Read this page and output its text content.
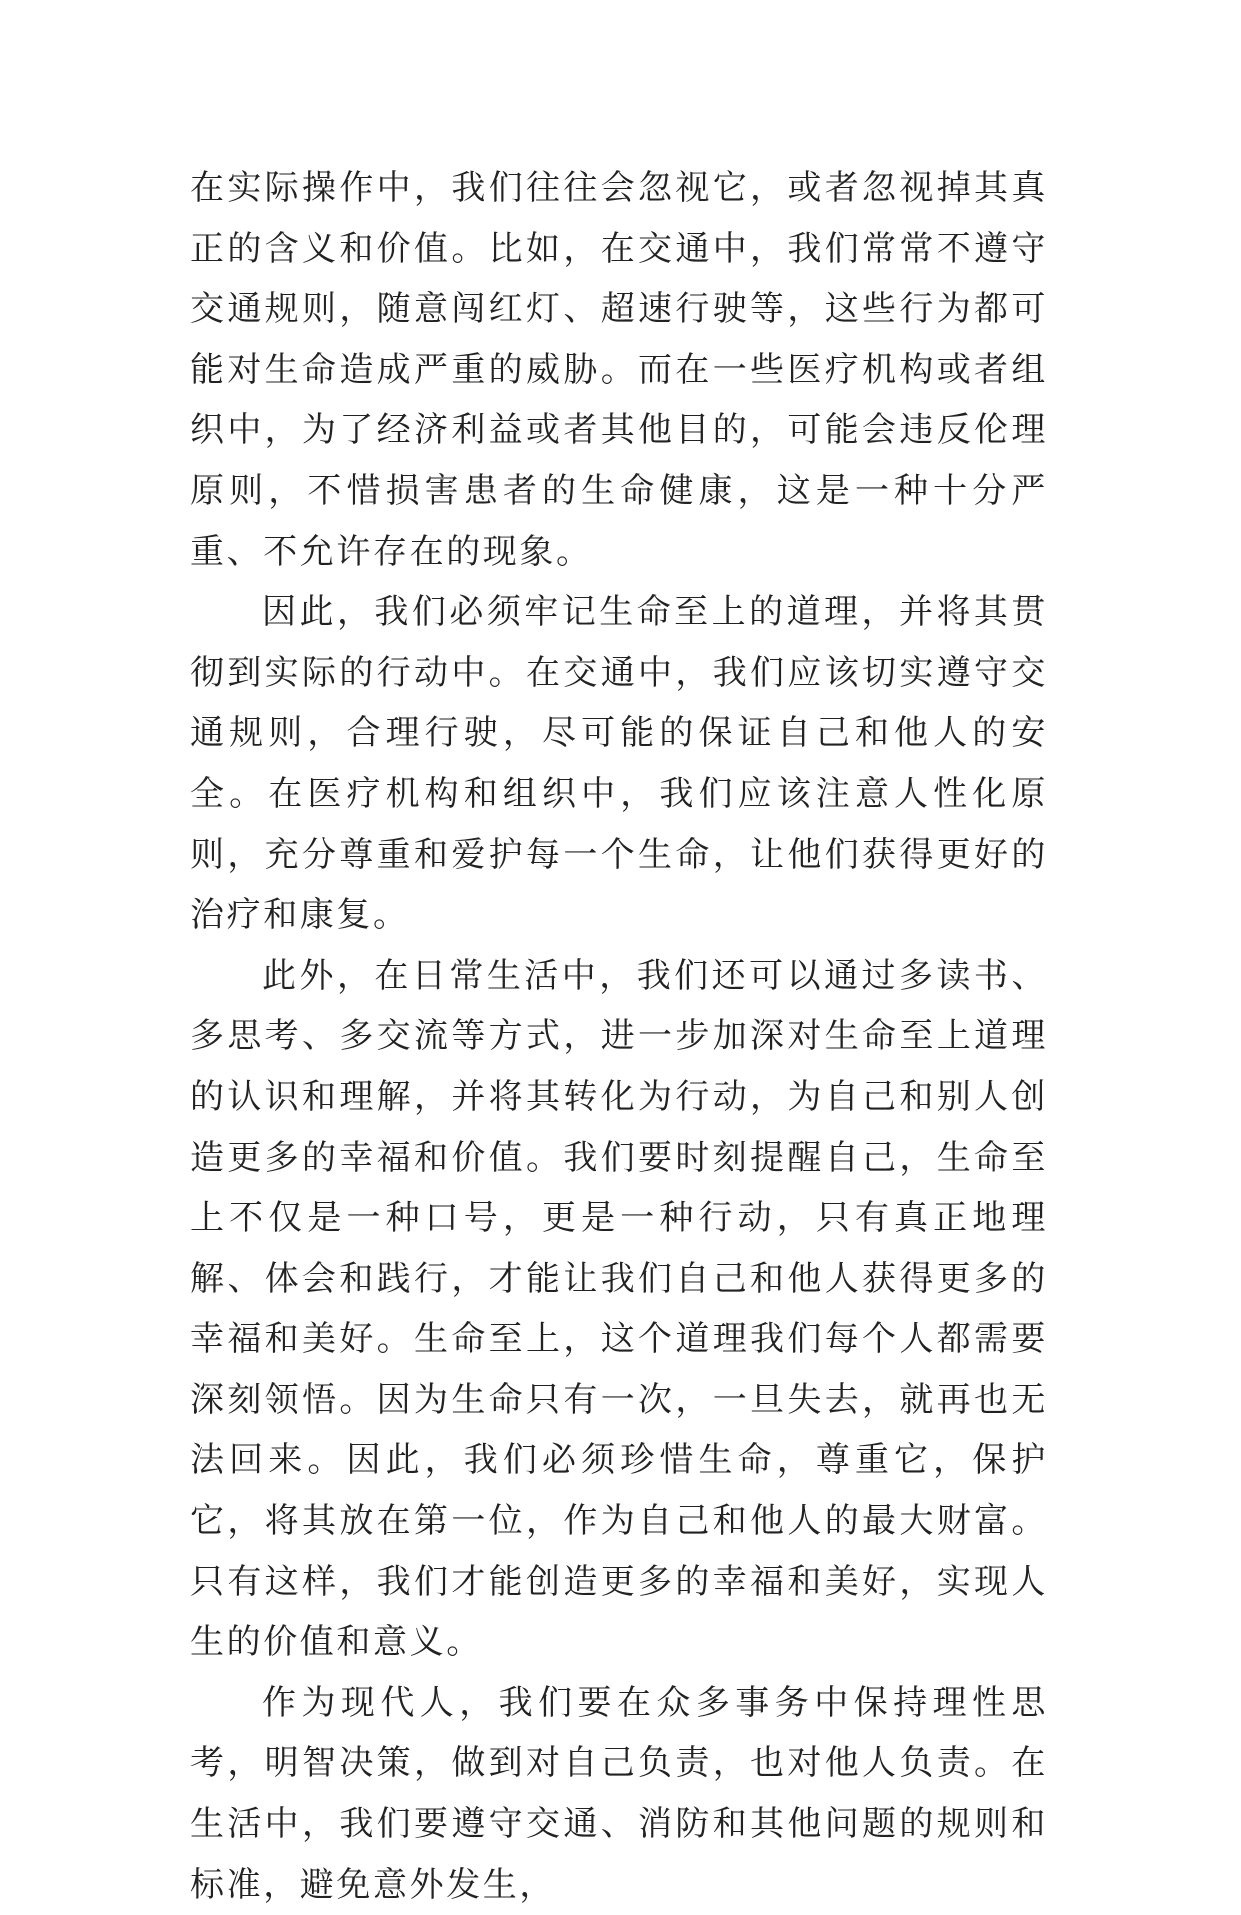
在实际操作中，我们往往会忽视它，或者忽视掉其真正的含义和价值。比如，在交通中，我们常常不遵守交通规则，随意闯红灯、超速行驶等，这些行为都可能对生命造成严重的威胁。而在一些医疗机构或者组织中，为了经济利益或者其他目的，可能会违反伦理原则，不惜损害患者的生命健康，这是一种十分严重、不允许存在的现象。

因此，我们必须牢记生命至上的道理，并将其贯彻到实际的行动中。在交通中，我们应该切实遵守交通规则，合理行驶，尽可能的保证自己和他人的安全。在医疗机构和组织中，我们应该注意人性化原则，充分尊重和爱护每一个生命，让他们获得更好的治疗和康复。

此外，在日常生活中，我们还可以通过多读书、多思考、多交流等方式，进一步加深对生命至上道理的认识和理解，并将其转化为行动，为自己和别人创造更多的幸福和价值。我们要时刻提醒自己，生命至上不仅是一种口号，更是一种行动，只有真正地理解、体会和践行，才能让我们自己和他人获得更多的幸福和美好。生命至上，这个道理我们每个人都需要深刻领悟。因为生命只有一次，一旦失去，就再也无法回来。因此，我们必须珍惜生命，尊重它，保护它，将其放在第一位，作为自己和他人的最大财富。只有这样，我们才能创造更多的幸福和美好，实现人生的价值和意义。

作为现代人，我们要在众多事务中保持理性思考，明智决策，做到对自己负责，也对他人负责。在生活中，我们要遵守交通、消防和其他问题的规则和标准，避免意外发生，
